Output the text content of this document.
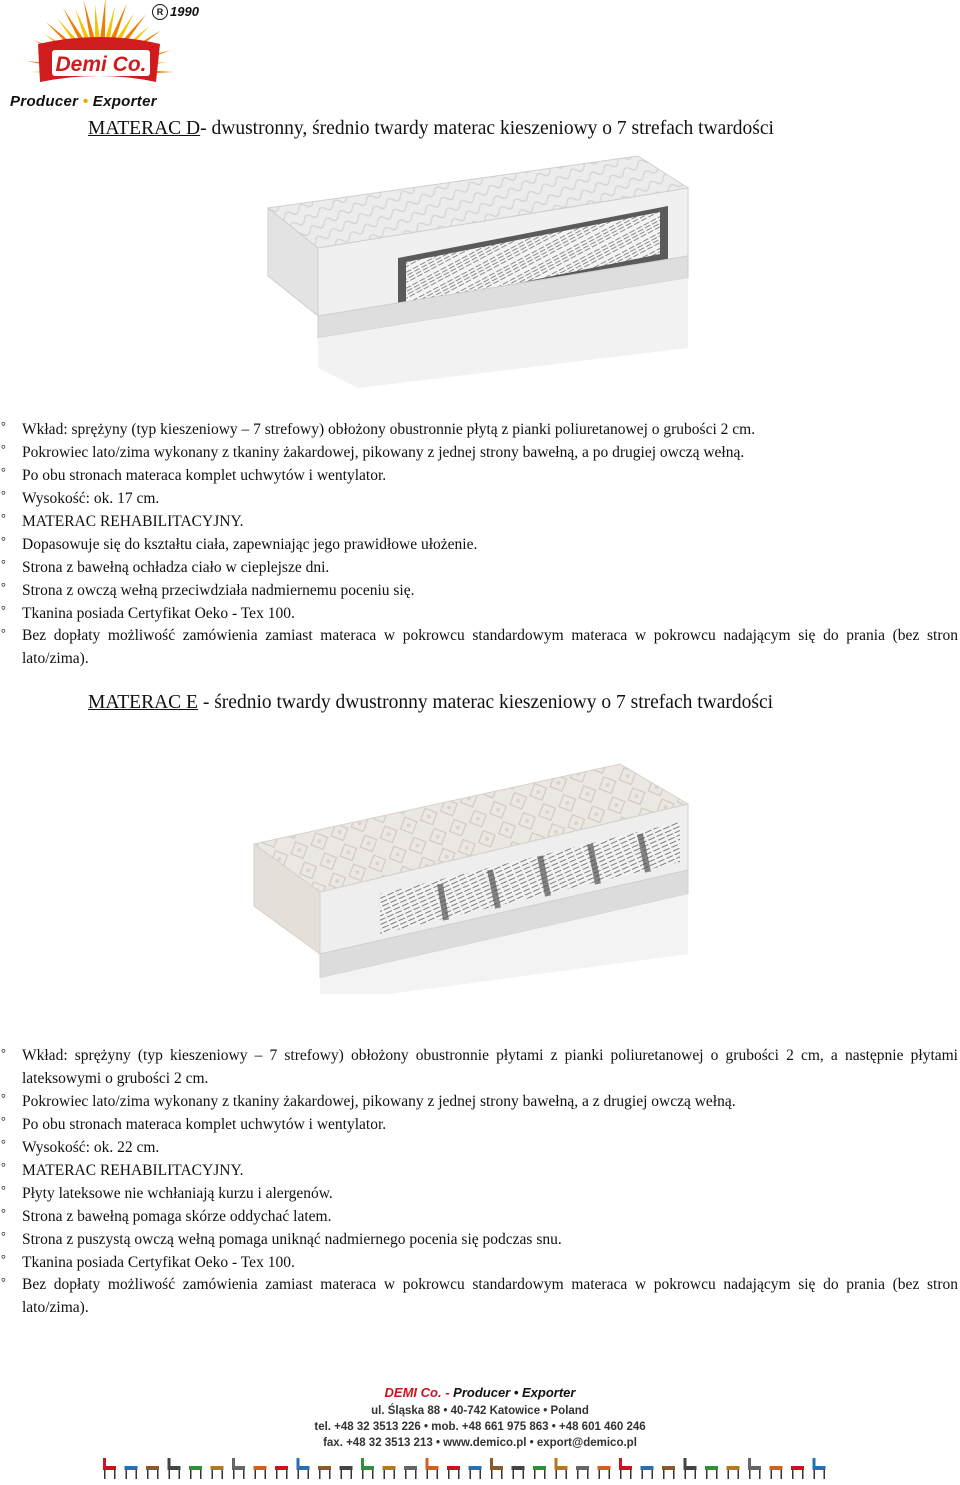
Demi Co.
R 1990
Producer • Exporter
MATERAC D- dwustronny, średnio twardy materac kieszeniowy o 7 strefach twardości
° Wkład: sprężyny (typ kieszeniowy – 7 strefowy) obłożony obustronnie płytą z pianki poliuretanowej o grubości 2 cm.
° Pokrowiec lato/zima wykonany z tkaniny żakardowej, pikowany z jednej strony bawełną, a po drugiej owczą wełną.
° Po obu stronach materaca komplet uchwytów i wentylator.
° Wysokość: ok. 17 cm.
° MATERAC REHABILITACYJNY.
° Dopasowuje się do kształtu ciała, zapewniając jego prawidłowe ułożenie.
° Strona z bawełną ochładza ciało w cieplejsze dni.
° Strona z owczą wełną przeciwdziała nadmiernemu poceniu się.
° Tkanina posiada Certyfikat Oeko - Tex 100.
° Bez dopłaty możliwość zamówienia zamiast materaca w pokrowcu standardowym materaca w pokrowcu nadającym się do prania (bez stron lato/zima).
MATERAC E - średnio twardy dwustronny materac kieszeniowy o 7 strefach twardości
° Wkład: sprężyny (typ kieszeniowy – 7 strefowy) obłożony obustronnie płytami z pianki poliuretanowej o grubości 2 cm, a następnie płytami lateksowymi o grubości 2 cm.
° Pokrowiec lato/zima wykonany z tkaniny żakardowej, pikowany z jednej strony bawełną, a z drugiej owczą wełną.
° Po obu stronach materaca komplet uchwytów i wentylator.
° Wysokość: ok. 22 cm.
° MATERAC REHABILITACYJNY.
° Płyty lateksowe nie wchłaniają kurzu i alergenów.
° Strona z bawełną pomaga skórze oddychać latem.
° Strona z puszystą owczą wełną pomaga uniknąć nadmiernego pocenia się podczas snu.
° Tkanina posiada Certyfikat Oeko - Tex 100.
° Bez dopłaty możliwość zamówienia zamiast materaca w pokrowcu standardowym materaca w pokrowcu nadającym się do prania (bez stron lato/zima).
DEMI Co. - Producer • Exporter
ul. Śląska 88 • 40-742 Katowice • Poland
tel. +48 32 3513 226 • mob. +48 661 975 863 • +48 601 460 246
fax. +48 32 3513 213 • www.demico.pl • export@demico.pl
